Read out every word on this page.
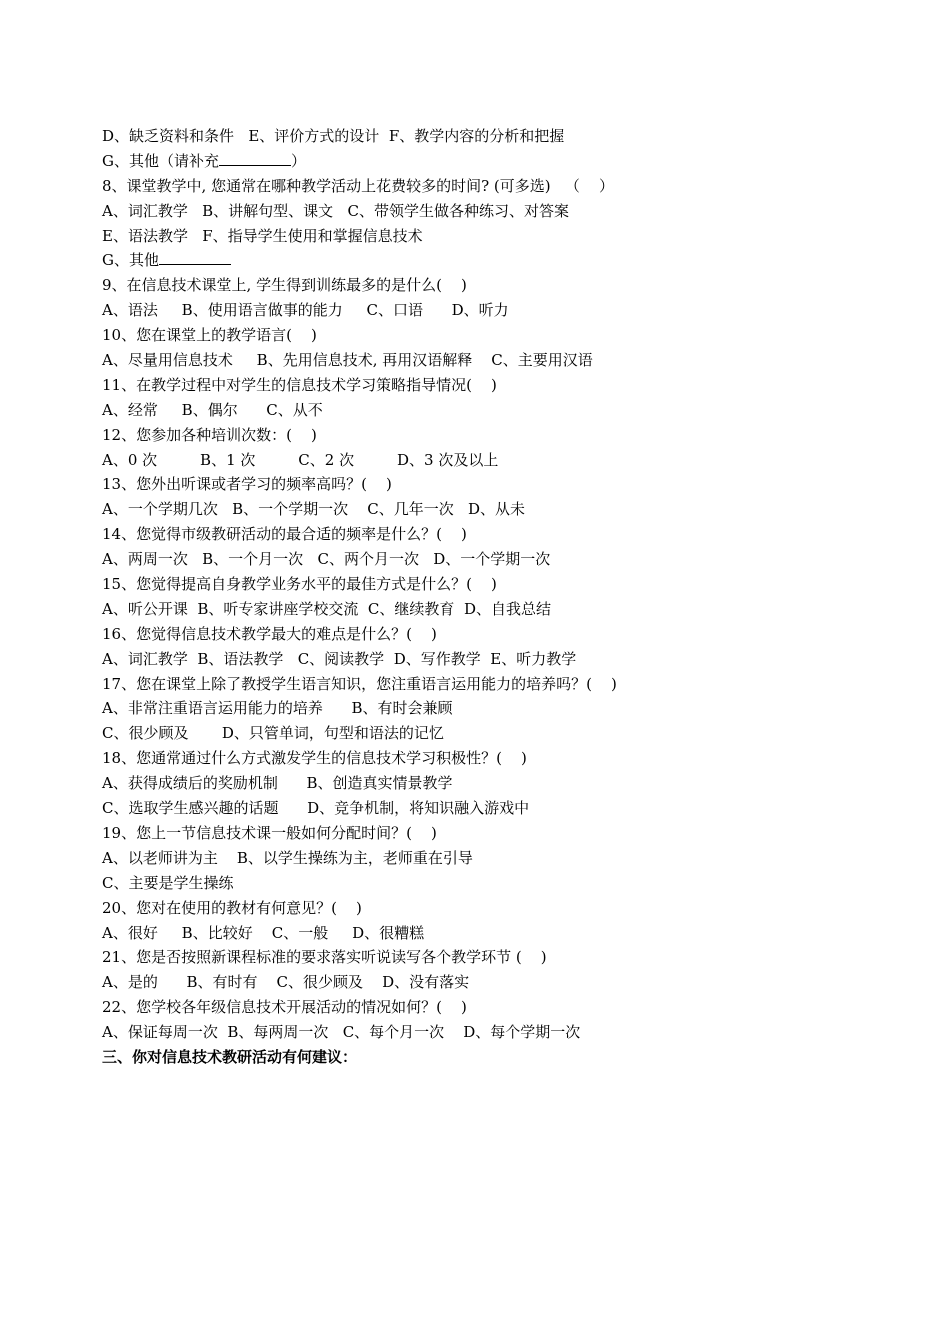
D、缺乏资料和条件   E、评价方式的设计  F、教学内容的分析和把握
G、其他（请补充	）
8、课堂教学中, 您通常在哪种教学活动上花费较多的时间? (可多选)   （    ）
A、词汇教学   B、讲解句型、课文   C、带领学生做各种练习、对答案
E、语法教学   F、指导学生使用和掌握信息技术
G、其他
9、在信息技术课堂上, 学生得到训练最多的是什么(    )
A、语法     B、使用语言做事的能力     C、口语      D、听力
10、您在课堂上的教学语言(    )
A、尽量用信息技术     B、先用信息技术, 再用汉语解释    C、主要用汉语
11、在教学过程中对学生的信息技术学习策略指导情况(    )
A、经常     B、偶尔      C、从不
12、您参加各种培训次数：(    )
A、0 次         B、1 次         C、2 次         D、3 次及以上
13、您外出听课或者学习的频率高吗？(    )
A、一个学期几次   B、一个学期一次    C、几年一次   D、从未
14、您觉得市级教研活动的最合适的频率是什么？(    )
A、两周一次   B、一个月一次   C、两个月一次   D、一个学期一次
15、您觉得提高自身教学业务水平的最佳方式是什么？(    )
A、听公开课  B、听专家讲座学校交流  C、继续教育  D、自我总结
16、您觉得信息技术教学最大的难点是什么？(    )
A、词汇教学  B、语法教学   C、阅读教学  D、写作教学  E、听力教学
17、您在课堂上除了教授学生语言知识，您注重语言运用能力的培养吗？(    )
A、非常注重语言运用能力的培养      B、有时会兼顾
C、很少顾及       D、只管单词，句型和语法的记忆
18、您通常通过什么方式激发学生的信息技术学习积极性？(    )
A、获得成绩后的奖励机制      B、创造真实情景教学
C、选取学生感兴趣的话题      D、竞争机制，将知识融入游戏中
19、您上一节信息技术课一般如何分配时间？(    )
A、以老师讲为主    B、以学生操练为主，老师重在引导
C、主要是学生操练
20、您对在使用的教材有何意见？(    )
A、很好     B、比较好    C、一般     D、很糟糕
21、您是否按照新课程标准的要求落实听说读写各个教学环节 (    )
A、是的      B、有时有    C、很少顾及    D、没有落实
22、您学校各年级信息技术开展活动的情况如何？(    )
A、保证每周一次  B、每两周一次   C、每个月一次    D、每个学期一次
三、你对信息技术教研活动有何建议：
